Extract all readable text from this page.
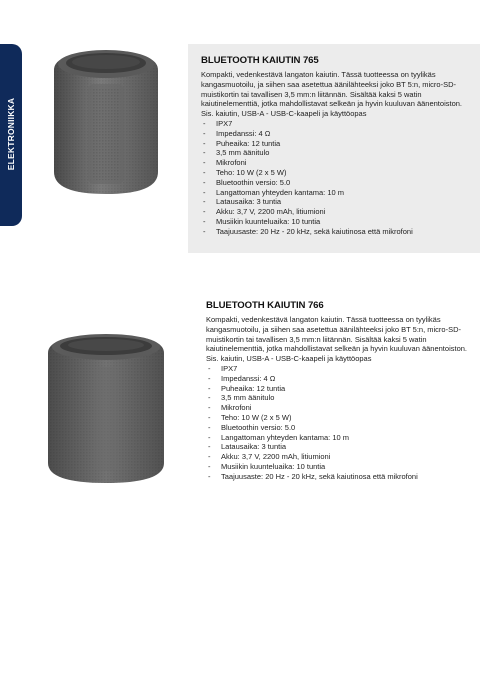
ELEKTRONIIKKA
BLUETOOTH KAIUTIN 765

Kompakti, vedenkestävä langaton kaiutin. Tässä tuotteessa on tyylikäs kangasmuotoilu, ja siihen saa asetettua äänilähteeksi joko BT 5:n, micro-SD- muistikortin tai tavallisen 3,5 mm:n liitännän. Sisältää kaksi 5 watin kaiutinelementtiä, jotka mahdollistavat selkeän ja hyvin kuuluvan äänentoiston. Sis. kaiutin, USB-A - USB-C-kaapeli ja käyttöopas

- IPX7
- Impedanssi: 4 Ω
- Puheaika: 12 tuntia
- 3,5 mm äänitulo
- Mikrofoni
- Teho: 10 W (2 x 5 W)
- Bluetoothin versio: 5.0
- Langattoman yhteyden kantama: 10 m
- Latausaika: 3 tuntia
- Akku: 3,7 V, 2200 mAh, litiumioni
- Musiikin kuunteluaika: 10 tuntia
- Taajuusaste: 20 Hz - 20 kHz, sekä kaiutinosa että mikrofoni
BLUETOOTH KAIUTIN 766

Kompakti, vedenkestävä langaton kaiutin. Tässä tuotteessa on tyylikäs kangasmuotoilu, ja siihen saa asetettua äänilähteeksi joko BT 5:n, micro-SD- muistikortin tai tavallisen 3,5 mm:n liitännän. Sisältää kaksi 5 watin kaiutinelementtiä, jotka mahdollistavat selkeän ja hyvin kuuluvan äänentoiston. Sis. kaiutin, USB-A - USB-C-kaapeli ja käyttöopas

- IPX7
- Impedanssi: 4 Ω
- Puheaika: 12 tuntia
- 3,5 mm äänitulo
- Mikrofoni
- Teho: 10 W (2 x 5 W)
- Bluetoothin versio: 5.0
- Langattoman yhteyden kantama: 10 m
- Latausaika: 3 tuntia
- Akku: 3,7 V, 2200 mAh, litiumioni
- Musiikin kuunteluaika: 10 tuntia
- Taajuusaste: 20 Hz - 20 kHz, sekä kaiutinosa että mikrofoni
